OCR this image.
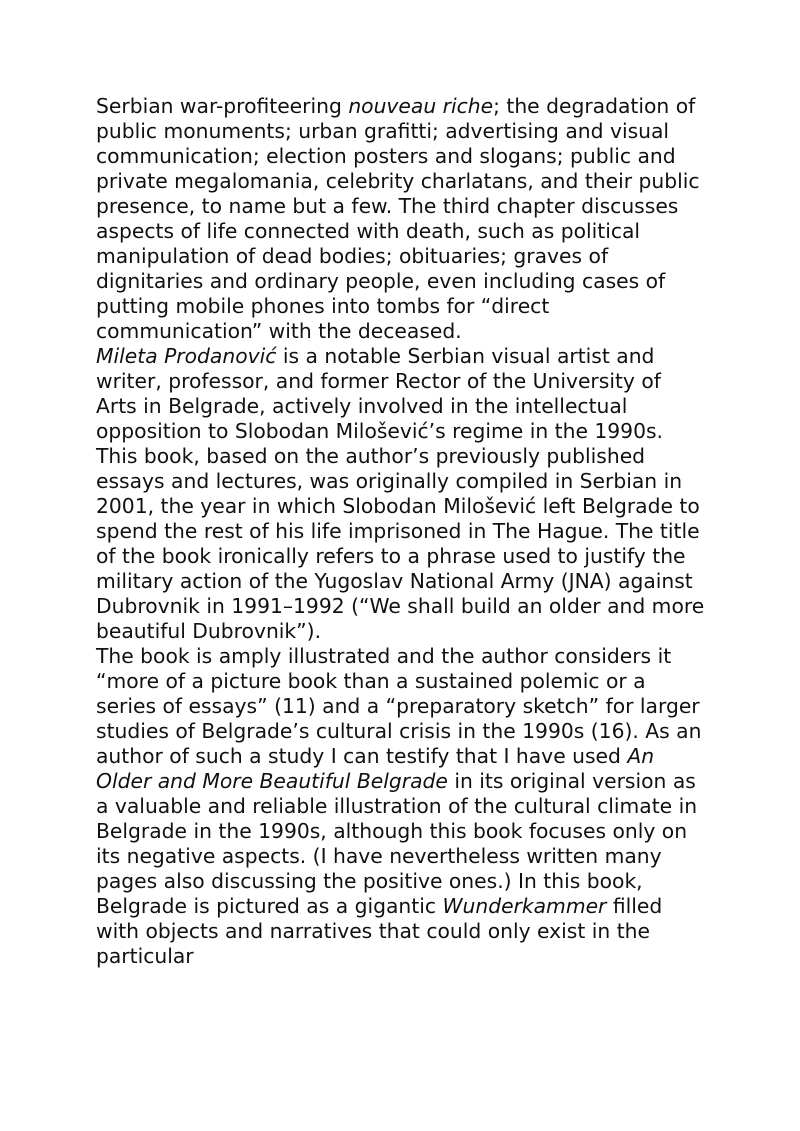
Serbian war-profiteering nouveau riche; the degradation of public monuments; urban grafitti; advertising and visual communication; election posters and slogans; public and private megalomania, celebrity charlatans, and their public presence, to name but a few. The third chapter discusses aspects of life connected with death, such as political manipulation of dead bodies; obituaries; graves of dignitaries and ordinary people, even including cases of putting mobile phones into tombs for “direct communication” with the deceased.

Mileta Prodanović is a notable Serbian visual artist and writer, professor, and former Rector of the University of Arts in Belgrade, actively involved in the intellectual opposition to Slobodan Milošević’s regime in the 1990s. This book, based on the author’s previously published essays and lectures, was originally compiled in Serbian in 2001, the year in which Slobodan Milošević left Belgrade to spend the rest of his life imprisoned in The Hague. The title of the book ironically refers to a phrase used to justify the military action of the Yugoslav National Army (JNA) against Dubrovnik in 1991–1992 (“We shall build an older and more beautiful Dubrovnik”).

The book is amply illustrated and the author considers it “more of a picture book than a sustained polemic or a series of essays” (11) and a “preparatory sketch” for larger studies of Belgrade’s cultural crisis in the 1990s (16). As an author of such a study I can testify that I have used An Older and More Beautiful Belgrade in its original version as a valuable and reliable illustration of the cultural climate in Belgrade in the 1990s, although this book focuses only on its negative aspects. (I have nevertheless written many pages also discussing the positive ones.) In this book, Belgrade is pictured as a gigantic Wunderkammer filled with objects and narratives that could only exist in the particular
